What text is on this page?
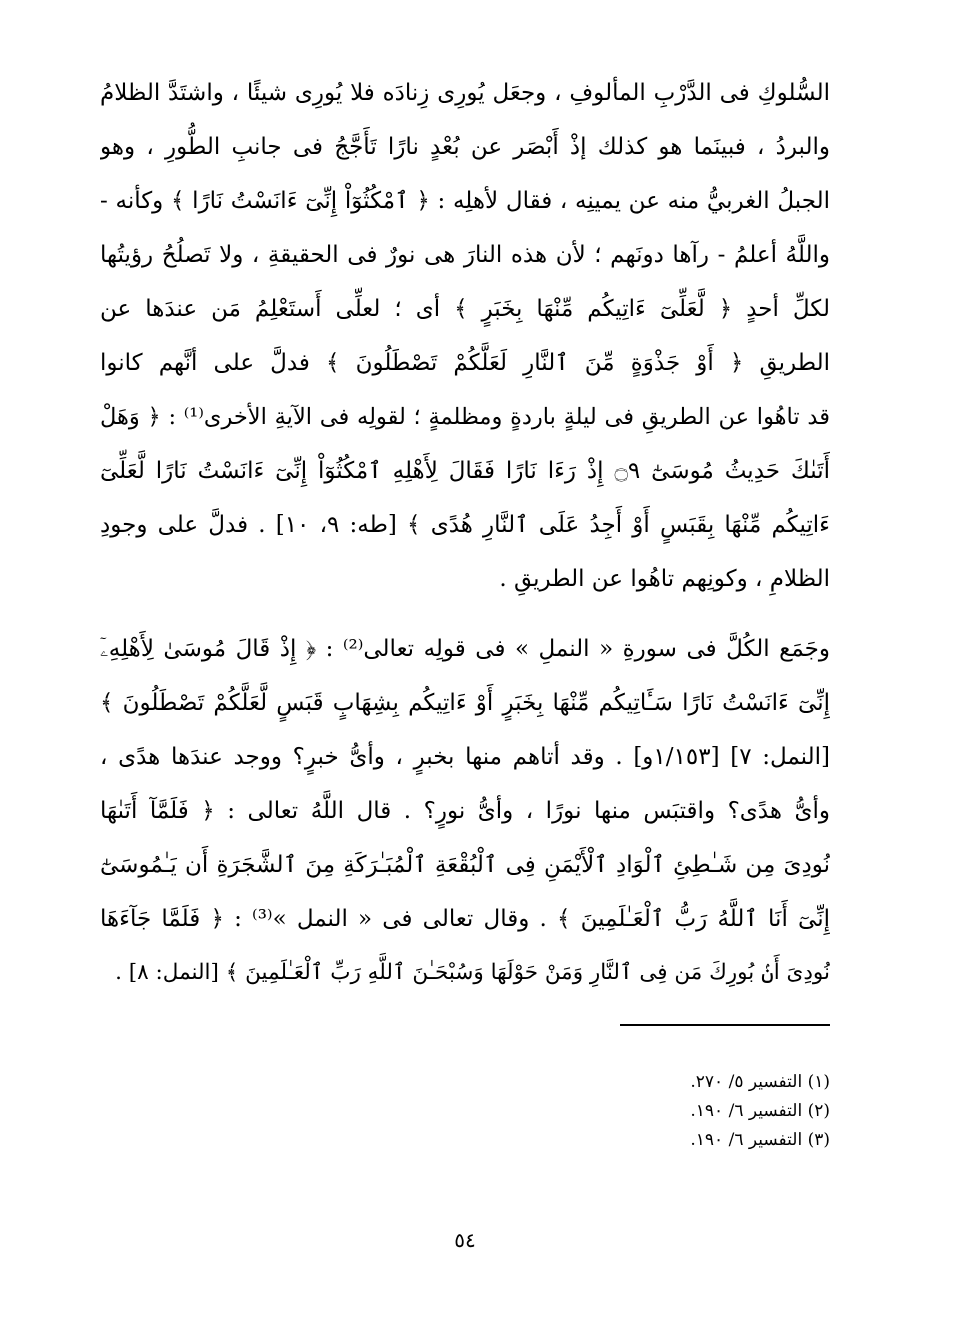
السُّلوكِ فى الدَّرْبِ المألوفِ ، وجعَل يُورِى زِنادَه فلا يُورِى شيئًا ، واشتَدَّ الظلامُ
والبردُ ، فبينَما هو كذلك إذْ أَبْصَر عن بُعْدٍ نارًا تَأَجَّجُ فى جانبِ الطُّورِ ، وهو
الجبلُ الغربيُّ منه عن يمينِه ، فقال لأهلِه : ﴿ ٱمْكُثُوٓاْ إِنِّىٓ ءَانَسْتُ نَارًا ﴾ وكأنه -
واللَّهُ أعلمُ - رآها دونَهم ؛ لأن هذه النارَ هى نورٌ فى الحقيقةِ ، ولا تَصلُحُ رؤيتُها
لكلِّ أحدٍ ﴿ لَّعَلِّىٓ ءَاتِيكُم مِّنْهَا بِخَبَرٍ ﴾ أى ؛ لعلِّى أَستَعْلِمُ مَن عندَها عن
الطريقِ ﴿ أَوْ جَذْوَةٍ مِّنَ ٱلنَّارِ لَعَلَّكُمْ تَصْطَلُونَ ﴾ فدلَّ على أنَّهم كانوا
قد تاهُوا عن الطريقِ فى ليلةٍ باردةٍ ومظلمةٍ ؛ لقولِه فى الآيةِ الأخرى⁽¹⁾ : ﴿ وَهَلْ
أَتَىٰكَ حَدِيثُ مُوسَىٰٓ ۝٩ إِذْ رَءَا نَارًا فَقَالَ لِأَهْلِهِ ٱمْكُثُوٓاْ إِنِّىٓ ءَانَسْتُ نَارًا لَّعَلِّىٓ
ءَاتِيكُم مِّنْهَا بِقَبَسٍ أَوْ أَجِدُ عَلَى ٱلنَّارِ هُدًى ﴾ [طه: ٩، ١٠] . فدلَّ على وجودِ
الظلامِ ، وكونِهم تاهُوا عن الطريقِ .
وجَمَع الكُلَّ فى سورةِ « النملِ » فى قولِه تعالى⁽²⁾ : ﴿ إِذْ قَالَ مُوسَىٰ لِأَهْلِهِۦٓ
إِنِّىٓ ءَانَسْتُ نَارًا سَـَٔاتِيكُم مِّنْهَا بِخَبَرٍ أَوْ ءَاتِيكُم بِشِهَابٍ قَبَسٍ لَّعَلَّكُمْ تَصْطَلُونَ ﴾
[النمل: ٧] [١/١٥٣و] . وقد أتاهم منها بخبرٍ ، وأىُّ خبرٍ؟ ووجد عندَها هدًى ،
وأىُّ هدًى؟ واقتبَس منها نورًا ، وأىُّ نورٍ؟ . قال اللَّهُ تعالى : ﴿ فَلَمَّآ أَتَىٰهَا
نُودِىَ مِن شَـٰطِئِ ٱلْوَادِ ٱلْأَيْمَنِ فِى ٱلْبُقْعَةِ ٱلْمُبَـٰرَكَةِ مِنَ ٱلشَّجَرَةِ أَن يَـٰمُوسَىٰٓ
إِنِّىٓ أَنَا ٱللَّهُ رَبُّ ٱلْعَـٰلَمِينَ ﴾ . وقال تعالى فى « النمل »⁽³⁾ : ﴿ فَلَمَّا جَآءَهَا
نُودِىَ أَنۢ بُورِكَ مَن فِى ٱلنَّارِ وَمَنْ حَوْلَهَا وَسُبْحَـٰنَ ٱللَّهِ رَبِّ ٱلْعَـٰلَمِينَ ﴾ [النمل: ٨] .
(١) التفسير ٥/ ٢٧٠.
(٢) التفسير ٦/ ١٩٠.
(٣) التفسير ٦/ ١٩٠.
٥٤
